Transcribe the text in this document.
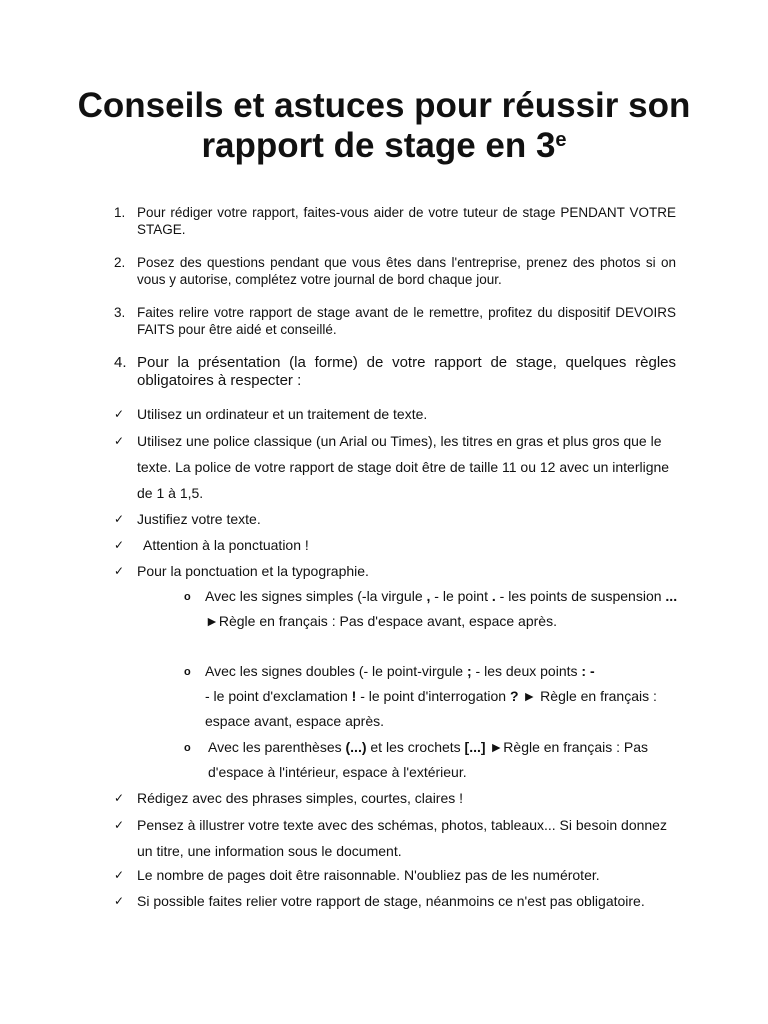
Conseils et astuces pour réussir son rapport de stage en 3e
1. Pour rédiger votre rapport, faites-vous aider de votre tuteur de stage PENDANT VOTRE STAGE.
2. Posez des questions pendant que vous êtes dans l'entreprise, prenez des photos si on vous y autorise, complétez votre journal de bord chaque jour.
3. Faites relire votre rapport de stage avant de le remettre, profitez du dispositif DEVOIRS FAITS pour être aidé et conseillé.
4. Pour la présentation (la forme) de votre rapport de stage, quelques règles obligatoires à respecter :
✓ Utilisez un ordinateur et un traitement de texte.
✓ Utilisez une police classique (un Arial ou Times), les titres en gras et plus gros que le texte. La police de votre rapport de stage doit être de taille 11 ou 12 avec un interligne de 1 à 1,5.
✓ Justifiez votre texte.
✓	Attention à la ponctuation !
✓ Pour la ponctuation et la typographie.
o Avec les signes simples (-la virgule , - le point . - les points de suspension ... ►Règle en français : Pas d'espace avant, espace après.
o Avec les signes doubles (- le point-virgule ; - les deux points : -
- le point d'exclamation ! - le point d'interrogation ? ► Règle en français : espace avant, espace après.
o Avec les parenthèses (...) et les crochets [...] ►Règle en français : Pas d'espace à l'intérieur, espace à l'extérieur.
✓ Rédigez avec des phrases simples, courtes, claires !
✓ Pensez à illustrer votre texte avec des schémas, photos, tableaux... Si besoin donnez un titre, une information sous le document.
✓ Le nombre de pages doit être raisonnable. N'oubliez pas de les numéroter.
✓ Si possible faites relier votre rapport de stage, néanmoins ce n'est pas obligatoire.
